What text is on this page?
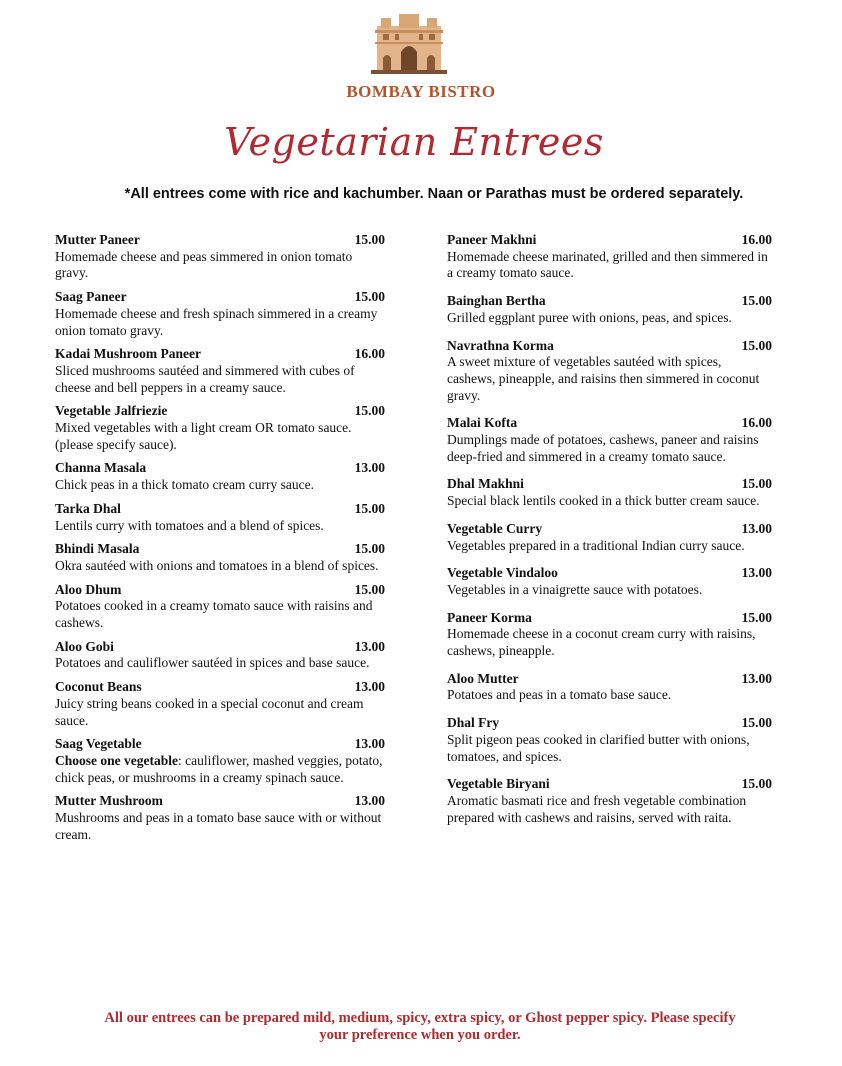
BOMBAY BISTRO
Vegetarian Entrees
*All entrees come with rice and kachumber. Naan or Parathas must be ordered separately.
Mutter Paneer	15.00
Homemade cheese and peas simmered in onion tomato gravy.
Saag Paneer	15.00
Homemade cheese and fresh spinach simmered in a creamy onion tomato gravy.
Kadai Mushroom Paneer	16.00
Sliced mushrooms sautéed and simmered with cubes of cheese and bell peppers in a creamy sauce.
Vegetable Jalfriezie	15.00
Mixed vegetables with a light cream OR tomato sauce. (please specify sauce).
Channa Masala	13.00
Chick peas in a thick tomato cream curry sauce.
Tarka Dhal	15.00
Lentils curry with tomatoes and a blend of spices.
Bhindi Masala	15.00
Okra sautéed with onions and tomatoes in a blend of spices.
Aloo Dhum	15.00
Potatoes cooked in a creamy tomato sauce with raisins and cashews.
Aloo Gobi	13.00
Potatoes and cauliflower sautéed in spices and base sauce.
Coconut Beans	13.00
Juicy string beans cooked in a special coconut and cream sauce.
Saag Vegetable	13.00
Choose one vegetable: cauliflower, mashed veggies, potato, chick peas, or mushrooms in a creamy spinach sauce.
Mutter Mushroom	13.00
Mushrooms and peas in a tomato base sauce with or without cream.
Paneer Makhni	16.00
Homemade cheese marinated, grilled and then simmered in a creamy tomato sauce.
Bainghan Bertha	15.00
Grilled eggplant puree with onions, peas, and spices.
Navrathna Korma	15.00
A sweet mixture of vegetables sautéed with spices, cashews, pineapple, and raisins then simmered in coconut gravy.
Malai Kofta	16.00
Dumplings made of potatoes, cashews, paneer and raisins deep-fried and simmered in a creamy tomato sauce.
Dhal Makhni	15.00
Special black lentils cooked in a thick butter cream sauce.
Vegetable Curry	13.00
Vegetables prepared in a traditional Indian curry sauce.
Vegetable Vindaloo	13.00
Vegetables in a vinaigrette sauce with potatoes.
Paneer Korma	15.00
Homemade cheese in a coconut cream curry with raisins, cashews, pineapple.
Aloo Mutter	13.00
Potatoes and peas in a tomato base sauce.
Dhal Fry	15.00
Split pigeon peas cooked in clarified butter with onions, tomatoes, and spices.
Vegetable Biryani	15.00
Aromatic basmati rice and fresh vegetable combination prepared with cashews and raisins, served with raita.
All our entrees can be prepared mild, medium, spicy, extra spicy, or Ghost pepper spicy. Please specify your preference when you order.
